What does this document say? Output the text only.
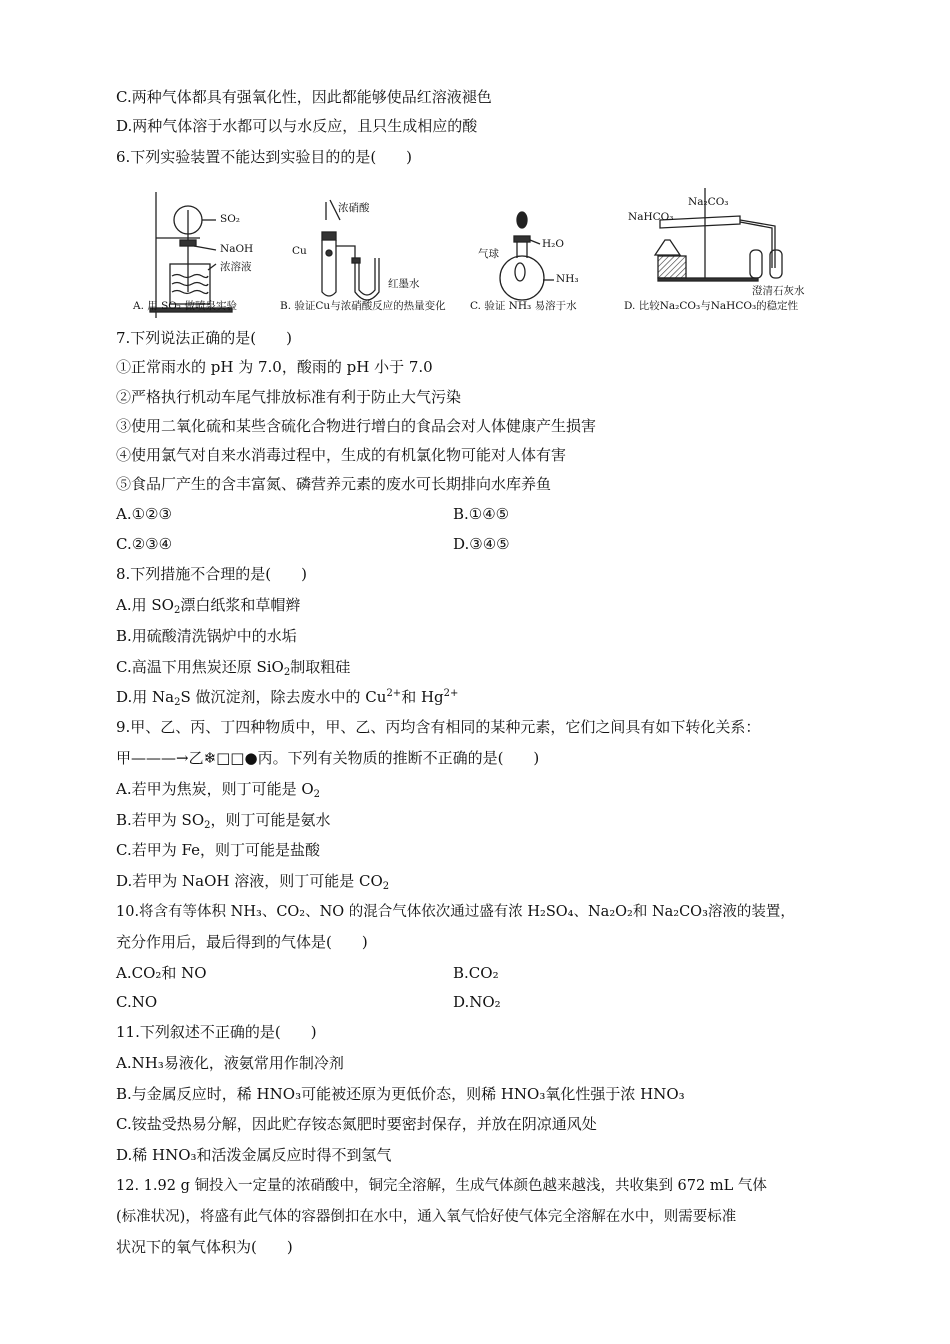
C.两种气体都具有强氧化性，因此都能够使品红溶液褪色
D.两种气体溶于水都可以与水反应，且只生成相应的酸
6.下列实验装置不能达到实验目的的是(　　)
SO₂
NaOH
浓溶液
A. 用 SO₂ 做喷泉实验
浓硝酸
Cu
红墨水
B. 验证Cu与浓硝酸反应的热量变化
H₂O
气球
NH₃
C. 验证 NH₃ 易溶于水
Na₂CO₃
NaHCO₃
澄清石灰水
D. 比较Na₂CO₃与NaHCO₃的稳定性
7.下列说法正确的是(　　)
①正常雨水的 pH 为 7.0，酸雨的 pH 小于 7.0
②严格执行机动车尾气排放标准有利于防止大气污染
③使用二氧化硫和某些含硫化合物进行增白的食品会对人体健康产生损害
④使用氯气对自来水消毒过程中，生成的有机氯化物可能对人体有害
⑤食品厂产生的含丰富氮、磷营养元素的废水可长期排向水库养鱼
A.①②③	B.①④⑤
C.②③④	D.③④⑤
8.下列措施不合理的是(　　)
A.用 $SO_2$漂白纸浆和草帽辫
B.用硫酸清洗锅炉中的水垢
C.高温下用焦炭还原 SiO$_2$制取粗硅
D.用 $Na_2S$ 做沉淀剂，除去废水中的 $Cu^{2+}$和 $Hg^{2+}$
9.甲、乙、丙、丁四种物质中，甲、乙、丙均含有相同的某种元素，它们之间具有如下转化关系：
甲———→乙❄□□●丙。下列有关物质的推断不正确的是(　　)
A.若甲为焦炭，则丁可能是 $O_2$
B.若甲为 $SO_2$，则丁可能是氨水
C.若甲为 Fe，则丁可能是盐酸
D.若甲为 NaOH 溶液，则丁可能是 $CO_2$
10.将含有等体积 NH₃、CO₂、NO 的混合气体依次通过盛有浓 H₂SO₄、Na₂O₂和 Na₂CO₃溶液的装置，
充分作用后，最后得到的气体是(　　)
A.CO₂和 NO	B.CO₂
C.NO	D.NO₂
11.下列叙述不正确的是(　　)
A.NH₃易液化，液氨常用作制冷剂
B.与金属反应时，稀 HNO₃可能被还原为更低价态，则稀 HNO₃氧化性强于浓 HNO₃
C.铵盐受热易分解，因此贮存铵态氮肥时要密封保存，并放在阴凉通风处
D.稀 HNO₃和活泼金属反应时得不到氢气
12. 1.92 g 铜投入一定量的浓硝酸中，铜完全溶解，生成气体颜色越来越浅，共收集到 672 mL 气体
(标准状况)，将盛有此气体的容器倒扣在水中，通入氧气恰好使气体完全溶解在水中，则需要标准
状况下的氧气体积为(　　)
